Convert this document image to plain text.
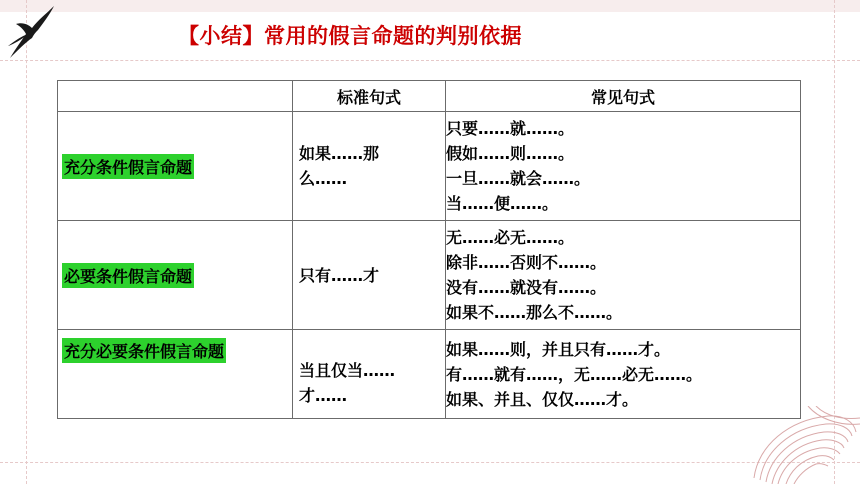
【小结】常用的假言命题的判别依据
	标准句式	常见句式
充分条件假言命题	如果……那么……	只要……就……。
假如……则……。
一旦……就会……。
当……便……。

必要条件假言命题	只有……才	无……必无……。
除非……否则不……。
没有……就没有……。
如果不……那么不……。

充分必要条件假言命题	当且仅当……才……	如果……则，并且只有……才。
有……就有……，无……必无……。
如果、并且、仅仅……才。
